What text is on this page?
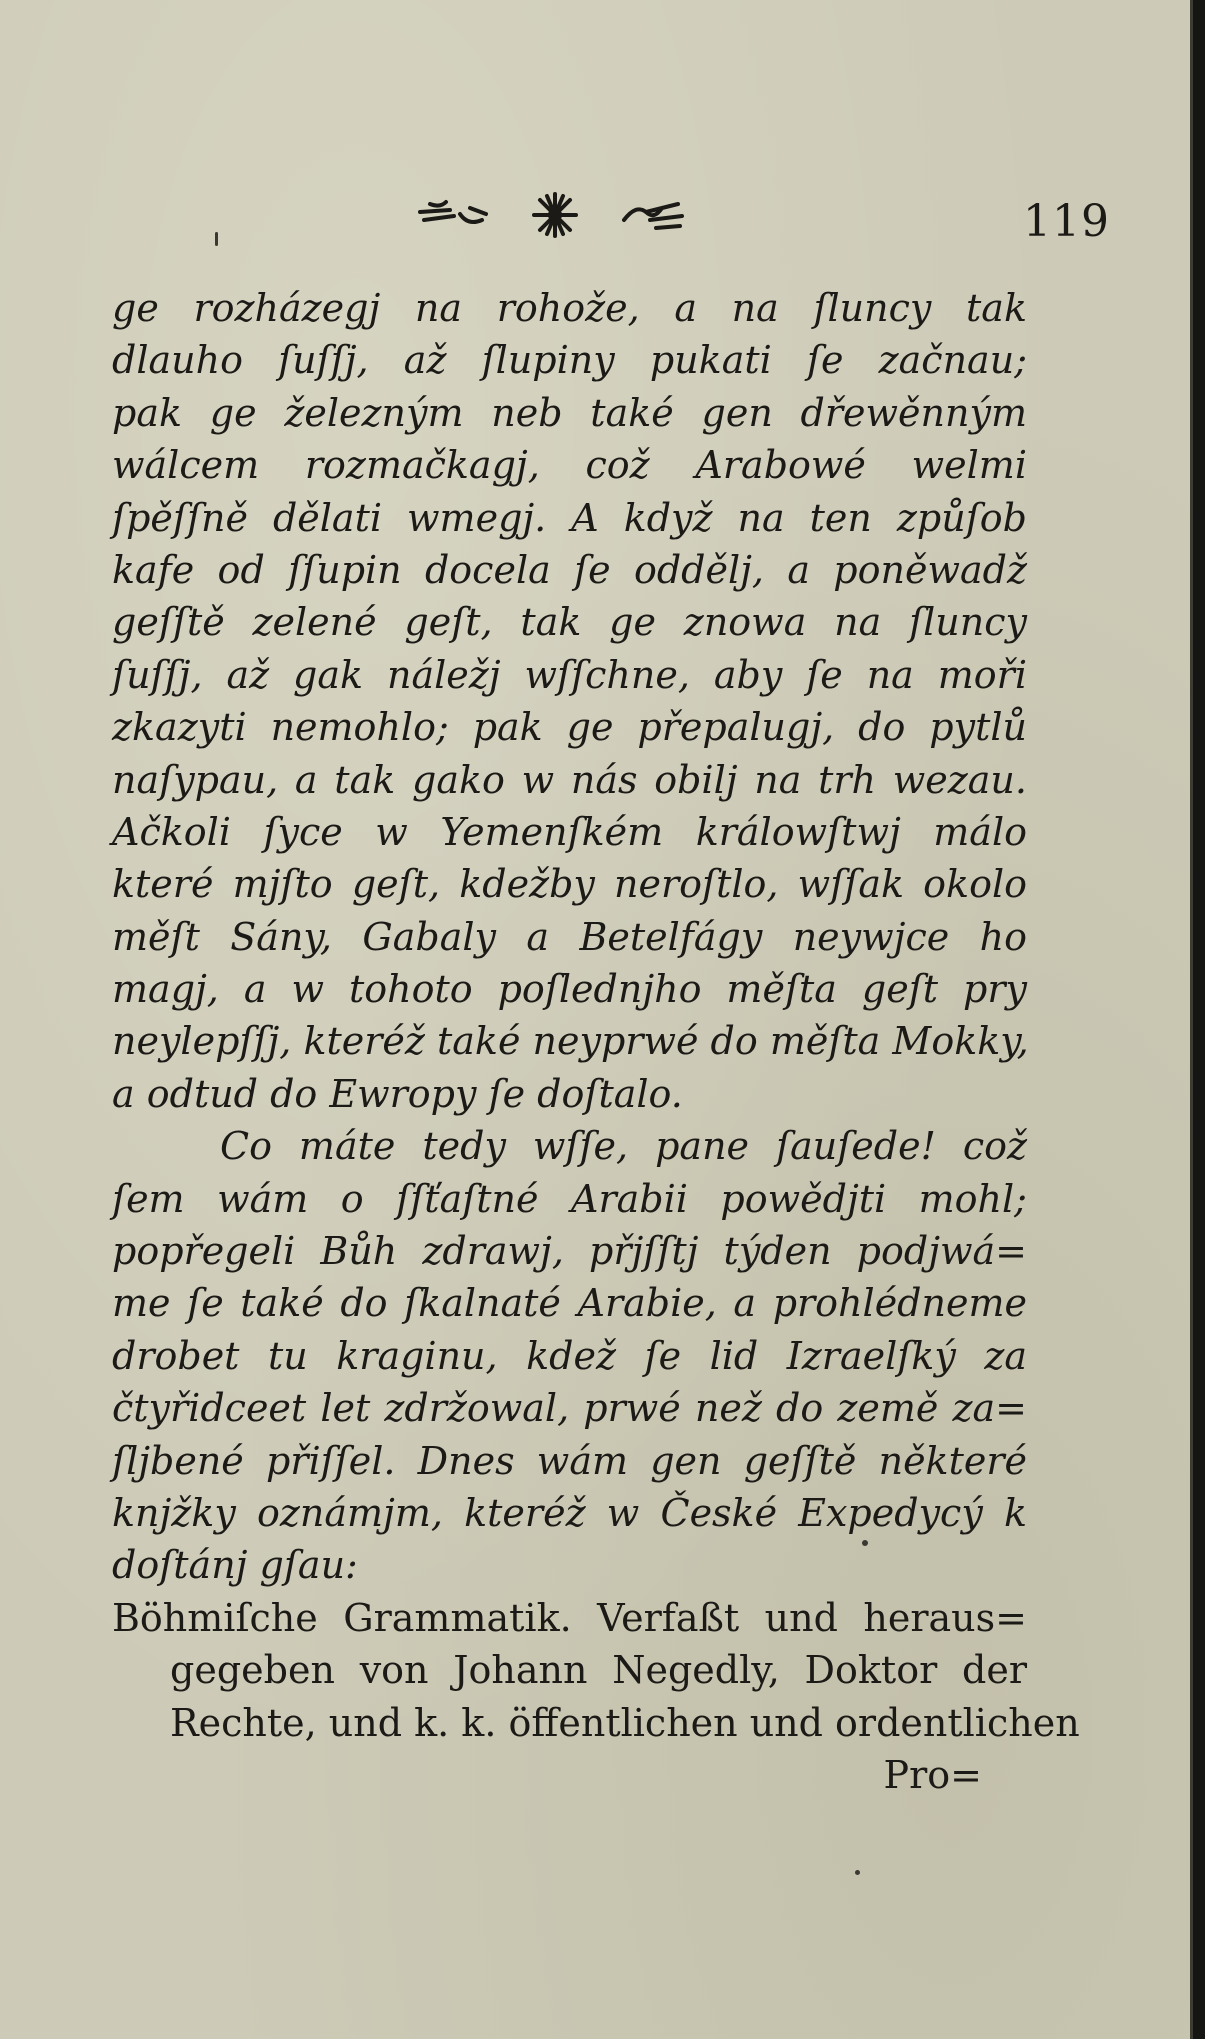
119
ge rozházegj na rohože, a na ſluncy tak
dlauho ſuſſj, až ſlupiny pukati ſe začnau;
pak ge železným neb také gen dřewěnným
wálcem rozmačkagj, což Arabowé welmi
ſpěſſně dělati wmegj. A když na ten způſob
kafe od ſſupin docela ſe oddělj, a poněwadž
geſſtě zelené geſt, tak ge znowa na ſluncy
ſuſſj, až gak náležj wſſchne, aby ſe na moři
zkazyti nemohlo; pak ge přepalugj, do pytlů
naſypau, a tak gako w nás obilj na trh wezau.
Ačkoli ſyce w Yemenſkém králowſtwj málo
které mjſto geſt, kdežby neroſtlo, wſſak okolo
měſt Sány, Gabaly a Betelfágy neywjce ho
magj, a w tohoto poſlednjho měſta geſt pry
neylepſſj, kteréž také neyprwé do měſta Mokky,
a odtud do Ewropy ſe doſtalo.
Co máte tedy wſſe, pane ſauſede! což
ſem wám o ſſťaſtné Arabii powědjti mohl;
popřegeli Bůh zdrawj, přjſſtj týden podjwá=
me ſe také do ſkalnaté Arabie, a prohlédneme
drobet tu kraginu, kdež ſe lid Izraelſký za
čtyřidceet let zdržowal, prwé než do země za=
ſljbené přiſſel. Dnes wám gen geſſtě některé
knjžky oznámjm, kteréž w České Expedycý k
doſtánj gſau:
Böhmiſche Grammatik. Verfaßt und heraus=
gegeben von Johann Negedly, Doktor der
Rechte, und k. k. öffentlichen und ordentlichen
Pro=
